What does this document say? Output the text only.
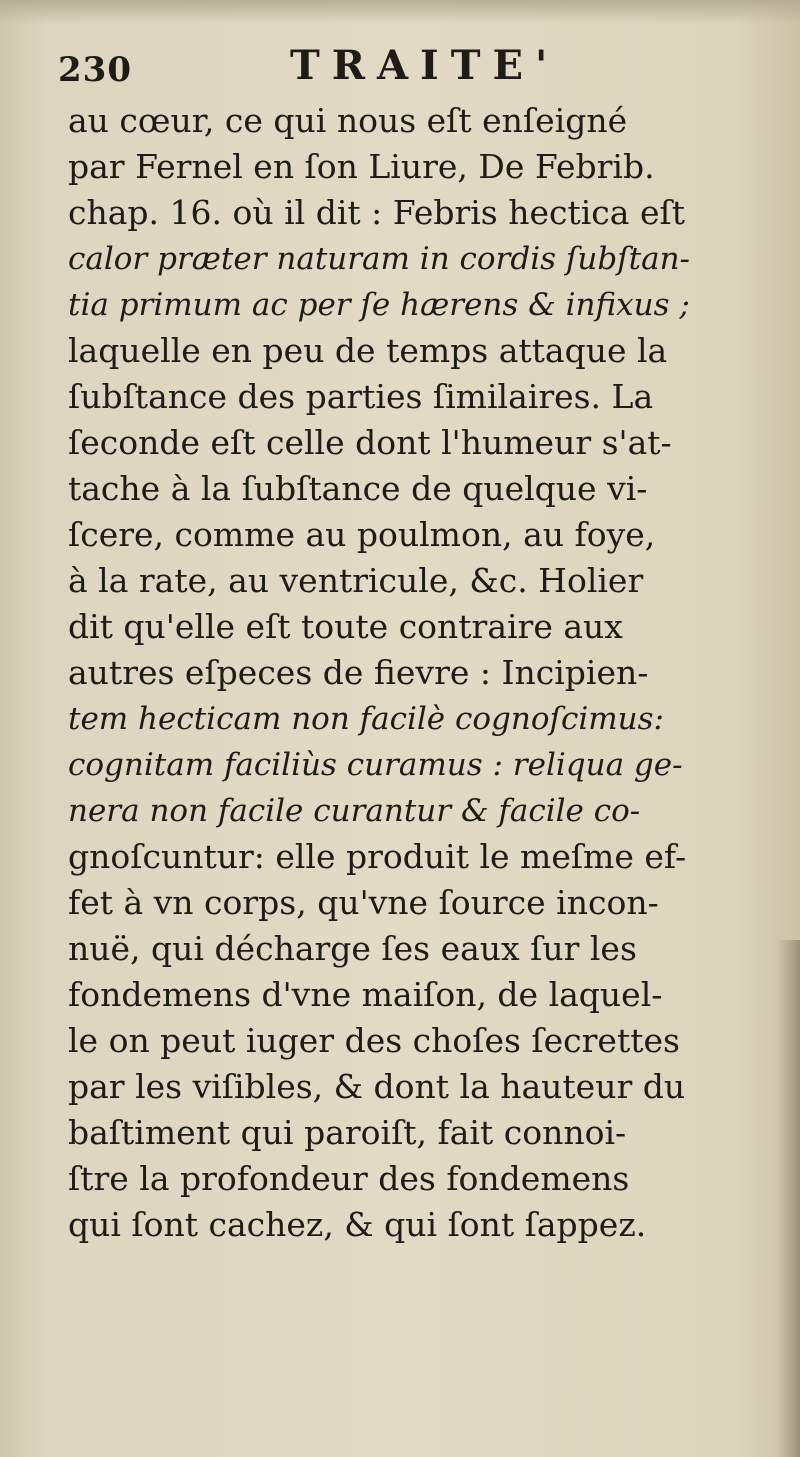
230	TRAITE'
au cœur, ce qui nous eſt enſeigné
par Fernel en ſon Liure, De Febrib.
chap. 16. où il dit : Febris hectica eſt
calor præter naturam in cordis ſubſtan-
tia primum ac per ſe hærens & infixus ;
laquelle en peu de temps attaque la
ſubſtance des parties ſimilaires. La
ſeconde eſt celle dont l'humeur s'at-
tache à la ſubſtance de quelque vi-
ſcere, comme au poulmon, au foye,
à la rate, au ventricule, &c. Holier
dit qu'elle eſt toute contraire aux
autres eſpeces de fievre : Incipien-
tem hecticam non facilè cognoſcimus:
cognitam faciliùs curamus : reliqua ge-
nera non facile curantur & facile co-
gnoſcuntur: elle produit le meſme ef-
fet à vn corps, qu'vne ſource incon-
nuë, qui décharge ſes eaux ſur les
fondemens d'vne maiſon, de laquel-
le on peut iuger des choſes ſecrettes
par les viſibles, & dont la hauteur du
baſtiment qui paroiſt, fait connoi-
ſtre la profondeur des fondemens
qui ſont cachez, & qui ſont ſappez.
